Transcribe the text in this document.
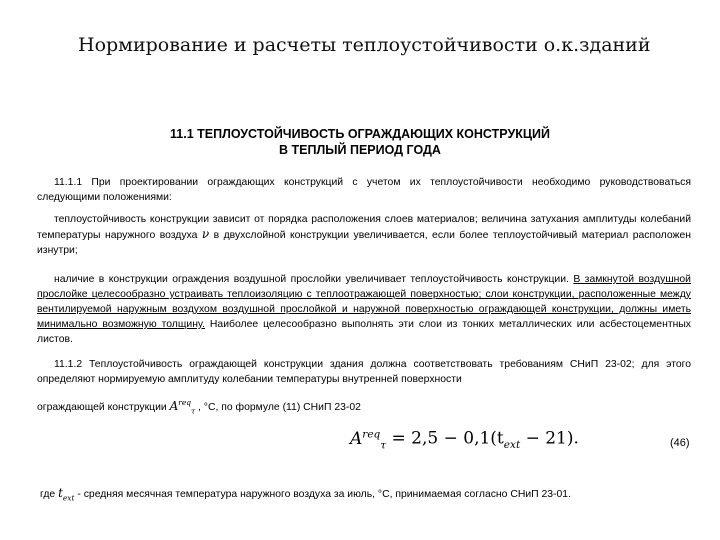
Нормирование и расчеты теплоустойчивости о.к.зданий
11.1 ТЕПЛОУСТОЙЧИВОСТЬ ОГРАЖДАЮЩИХ КОНСТРУКЦИЙ
В ТЕПЛЫЙ ПЕРИОД ГОДА
11.1.1 При проектировании ограждающих конструкций с учетом их теплоустойчивости необходимо руководствоваться следующими положениями:
теплоустойчивость конструкции зависит от порядка расположения слоев материалов; величина затухания амплитуды колебаний температуры наружного воздуха ν в двухслойной конструкции увеличивается, если более теплоустойчивый материал расположен изнутри;
наличие в конструкции ограждения воздушной прослойки увеличивает теплоустойчивость конструкции. В замкнутой воздушной прослойке целесообразно устраивать теплоизоляцию с теплоотражающей поверхностью; слои конструкции, расположенные между вентилируемой наружным воздухом воздушной прослойкой и наружной поверхностью ограждающей конструкции, должны иметь минимально возможную толщину. Наиболее целесообразно выполнять эти слои из тонких металлических или асбестоцементных листов.
11.1.2 Теплоустойчивость ограждающей конструкции здания должна соответствовать требованиям СНиП 23-02; для этого определяют нормируемую амплитуду колебании температуры внутренней поверхности
ограждающей конструкции $A^{req}_\tau$ , °С, по формуле (11) СНиП 23-02
$A^{req}_\tau = 2,5 - 0,1(t_{ext} - 21)$.	(46)
где $t_{ext}$ - средняя месячная температура наружного воздуха за июль, °С, принимаемая согласно СНиП 23-01.
